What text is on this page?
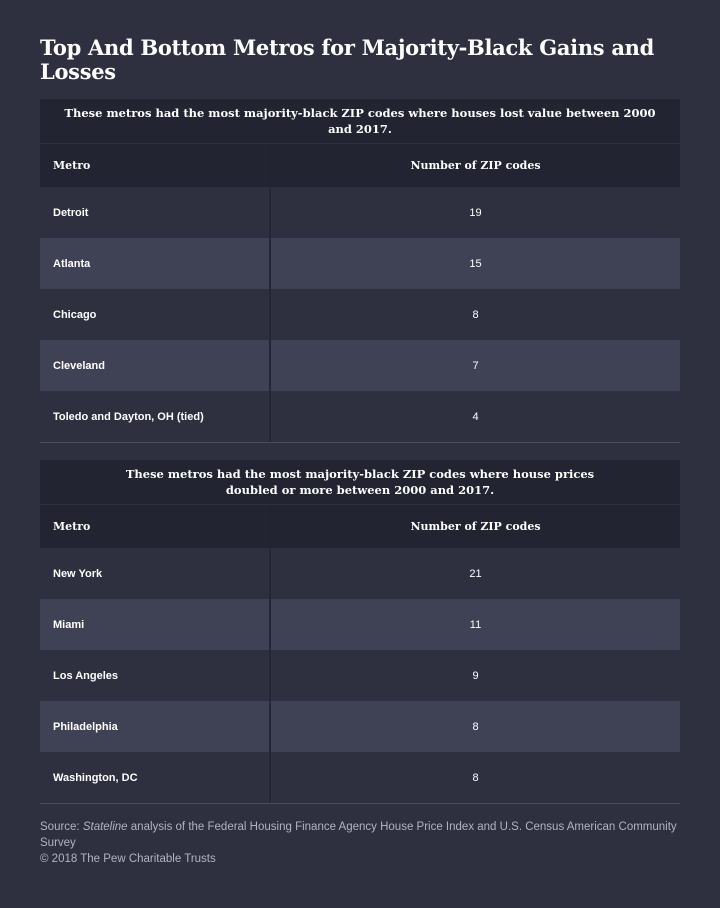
Top And Bottom Metros for Majority-Black Gains and Losses
These metros had the most majority-black ZIP codes where houses lost value between 2000 and 2017.
Metro	Number of ZIP codes
Detroit	19
Atlanta	15
Chicago	8
Cleveland	7
Toledo and Dayton, OH (tied)	4
These metros had the most majority-black ZIP codes where house prices
doubled or more between 2000 and 2017.
Metro	Number of ZIP codes
New York	21
Miami	11
Los Angeles	9
Philadelphia	8
Washington, DC	8
Source: Stateline analysis of the Federal Housing Finance Agency House Price Index and U.S. Census American Community Survey
© 2018 The Pew Charitable Trusts
